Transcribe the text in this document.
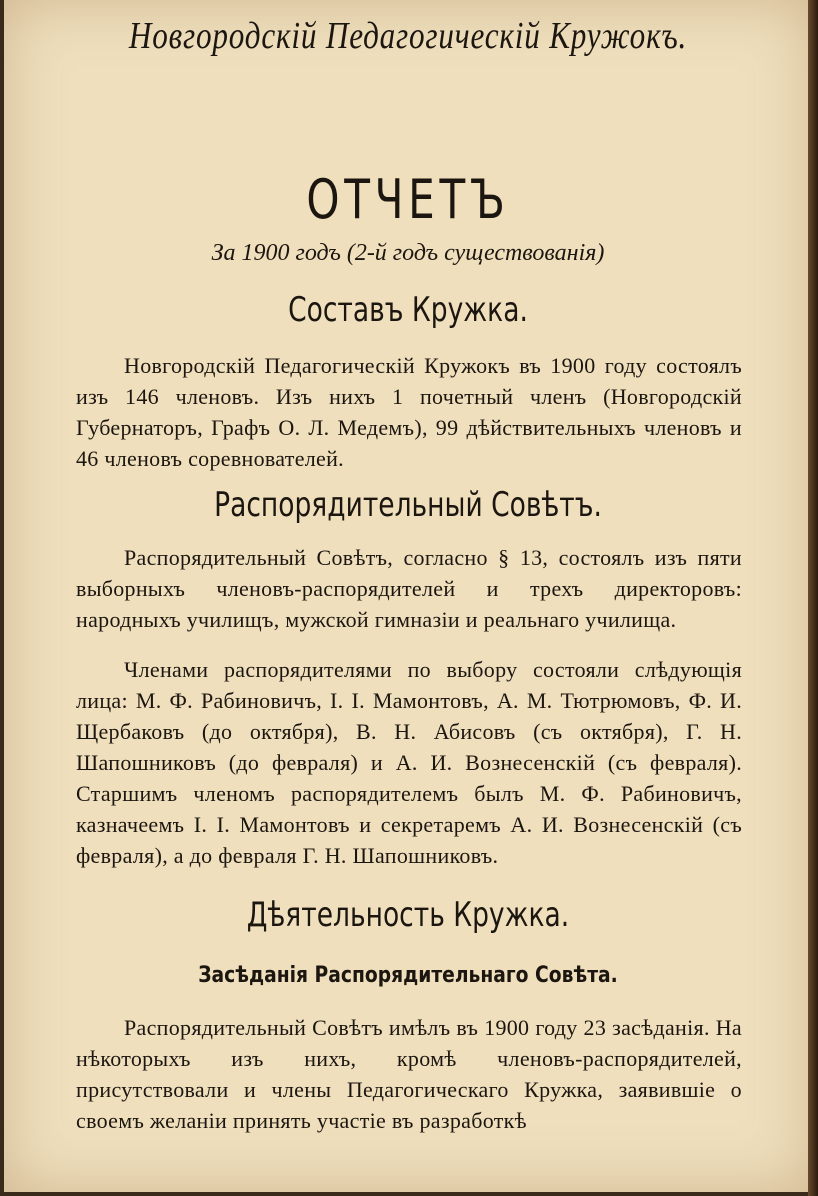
Новгородскій Педагогическій Кружокъ.
ОТЧЕТЪ
За 1900 годъ (2-й годъ существованія)
Составъ Кружка.
Новгородскій Педагогическій Кружокъ въ 1900 году состоялъ изъ 146 членовъ. Изъ нихъ 1 почетный членъ (Новгородскій Губернаторъ, Графъ О. Л. Медемъ), 99 дѣйствительныхъ членовъ и 46 членовъ соревнователей.
Распорядительный Совѣтъ.
Распорядительный Совѣтъ, согласно § 13, состоялъ изъ пяти выборныхъ членовъ-распорядителей и трехъ директоровъ: народныхъ училищъ, мужской гимназіи и реальнаго училища.
Членами распорядителями по выбору состояли слѣдующія лица: М. Ф. Рабиновичъ, І. І. Мамонтовъ, А. М. Тютрюмовъ, Ф. И. Щербаковъ (до октября), В. Н. Абисовъ (съ октября), Г. Н. Шапошниковъ (до февраля) и А. И. Вознесенскій (съ февраля). Старшимъ членомъ распорядителемъ былъ М. Ф. Рабиновичъ, казначеемъ І. І. Мамонтовъ и секретаремъ А. И. Вознесенскій (съ февраля), а до февраля Г. Н. Шапошниковъ.
Дѣятельность Кружка.
Засѣданія Распорядительнаго Совѣта.
Распорядительный Совѣтъ имѣлъ въ 1900 году 23 засѣданія. На нѣкоторыхъ изъ нихъ, кромѣ членовъ-распорядителей, присутствовали и члены Педагогическаго Кружка, заявившіе о своемъ желаніи принять участіе въ разработкѣ
